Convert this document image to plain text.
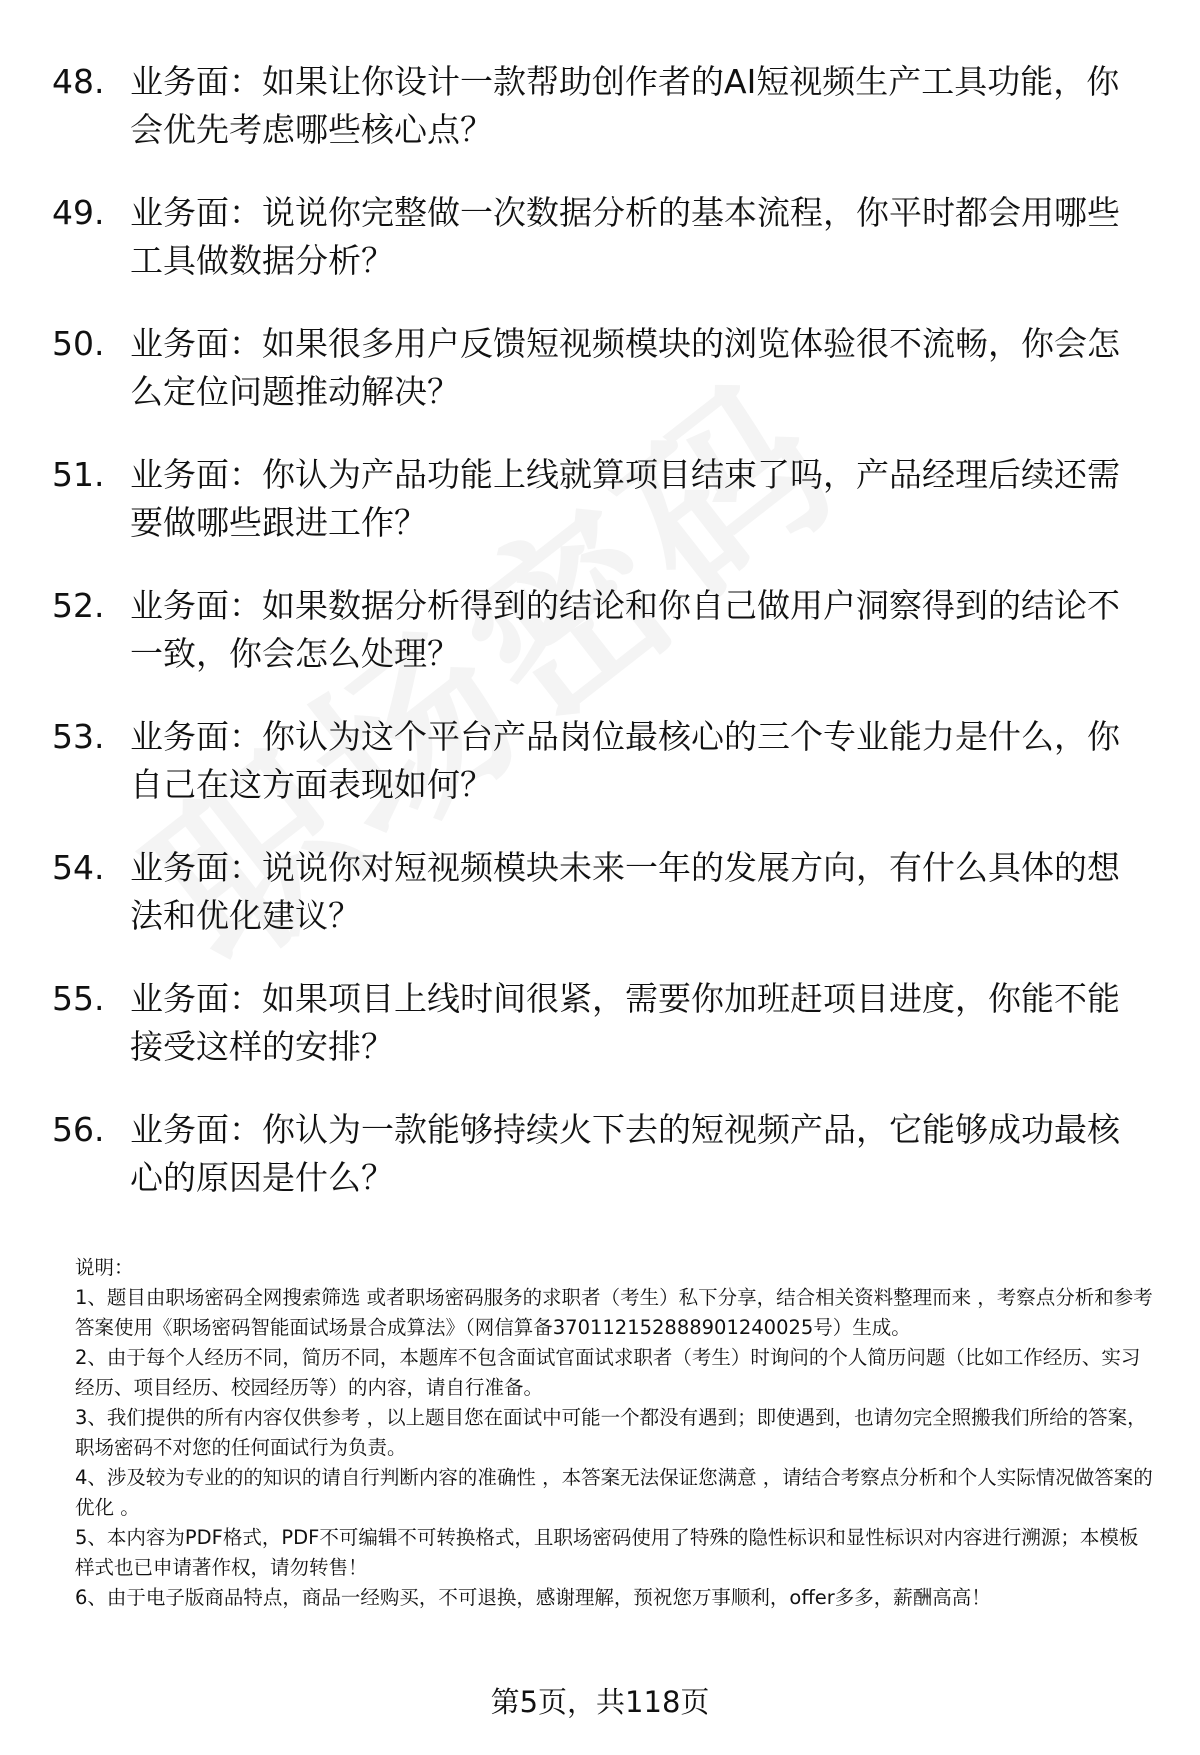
48. 业务面：如果让你设计一款帮助创作者的AI短视频生产工具功能，你会优先考虑哪些核心点？
49. 业务面：说说你完整做一次数据分析的基本流程，你平时都会用哪些工具做数据分析？
50. 业务面：如果很多用户反馈短视频模块的浏览体验很不流畅，你会怎么定位问题推动解决？
51. 业务面：你认为产品功能上线就算项目结束了吗，产品经理后续还需要做哪些跟进工作？
52. 业务面：如果数据分析得到的结论和你自己做用户洞察得到的结论不一致，你会怎么处理？
53. 业务面：你认为这个平台产品岗位最核心的三个专业能力是什么，你自己在这方面表现如何？
54. 业务面：说说你对短视频模块未来一年的发展方向，有什么具体的想法和优化建议？
55. 业务面：如果项目上线时间很紧，需要你加班赶项目进度，你能不能接受这样的安排？
56. 业务面：你认为一款能够持续火下去的短视频产品，它能够成功最核心的原因是什么？

说明：

1、题目由职场密码全网搜索筛选 或者职场密码服务的求职者（考生）私下分享，结合相关资料整理而来 ，考察点分析和参考答案使用《职场密码智能面试场景合成算法》（网信算备370112152888901240025号）生成。

2、由于每个人经历不同，简历不同，本题库不包含面试官面试求职者（考生）时询问的个人简历问题（比如工作经历、实习经历、项目经历、校园经历等）的内容，请自行准备。

3、我们提供的所有内容仅供参考 ，以上题目您在面试中可能一个都没有遇到；即使遇到，也请勿完全照搬我们所给的答案，职场密码不对您的任何面试行为负责。

4、涉及较为专业的的知识的请自行判断内容的准确性 ，本答案无法保证您满意 ，请结合考察点分析和个人实际情况做答案的优化 。

5、本内容为PDF格式，PDF不可编辑不可转换格式，且职场密码使用了特殊的隐性标识和显性标识对内容进行溯源；本模板样式也已申请著作权，请勿转售！

6、由于电子版商品特点，商品一经购买，不可退换，感谢理解，预祝您万事顺利，offer多多，薪酬高高！

第5页，共118页
